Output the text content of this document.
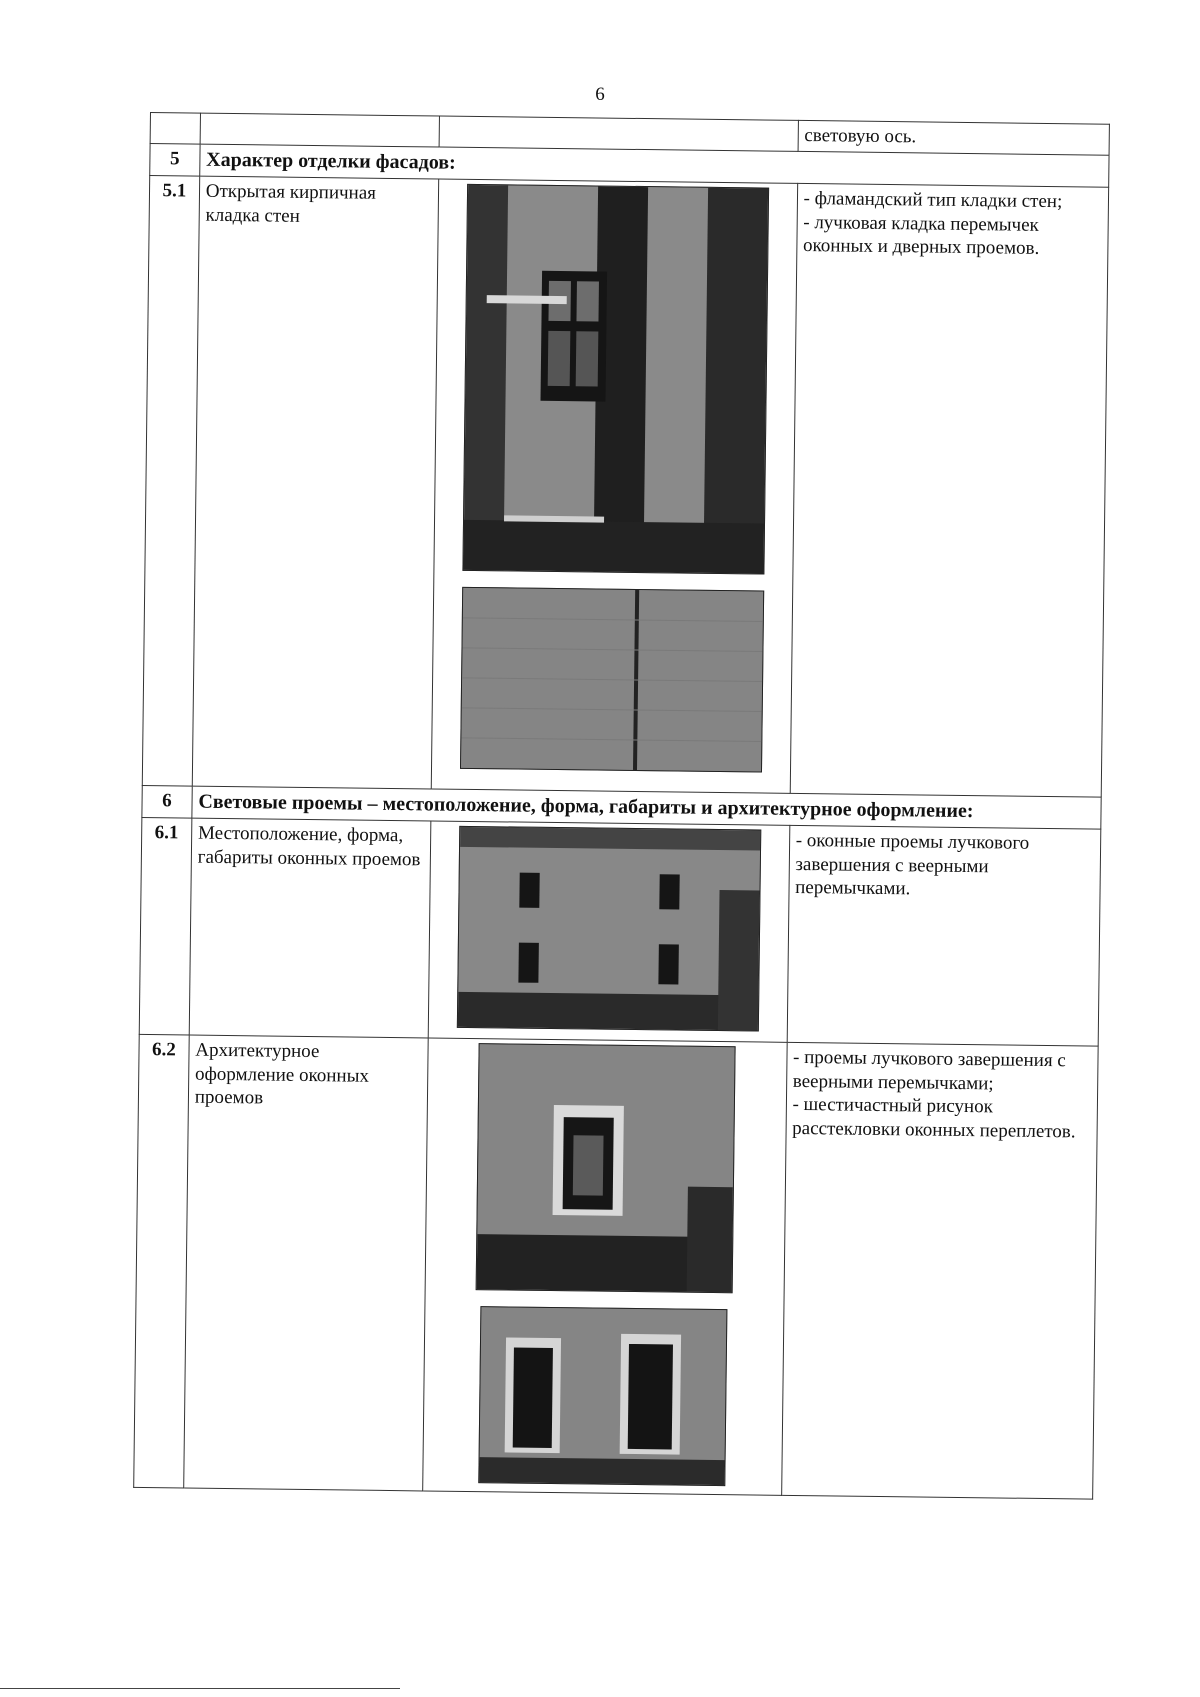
6
			световую ось.
5	Характер отделки фасадов:		
5.1	Открытая кирпичная кладка стен		- фламандский тип кладки стен;
- лучковая кладка перемычек оконных и дверных проемов.

6	Световые проемы – местоположение, форма, габариты и архитектурное оформление:		
6.1	Местоположение, форма, габариты оконных проемов		- оконные проемы лучкового завершения с веерными перемычками.

6.2	Архитектурное оформление оконных проемов		- проемы лучкового завершения с веерными перемычками;
- шестичастный рисунок расстекловки оконных переплетов.
